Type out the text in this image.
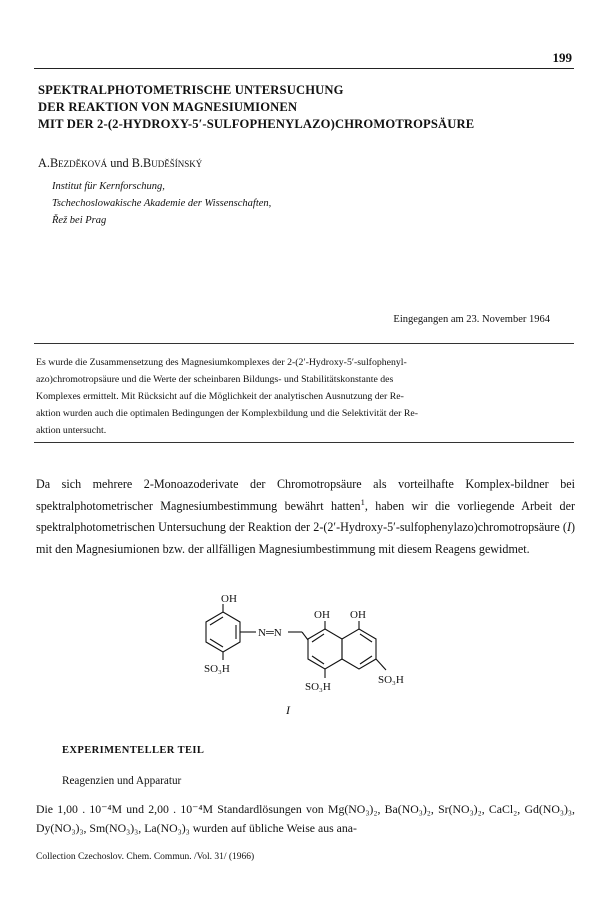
199
SPEKTRALPHOTOMETRISCHE UNTERSUCHUNG
DER REAKTION VON MAGNESIUMIONEN
MIT DER 2-(2-HYDROXY-5′-SULFOPHENYLAZO)CHROMOTROPSÄURE
A.Bezděková und B.Buděšínský
Institut für Kernforschung,
Tschechoslowakische Akademie der Wissenschaften,
Řež bei Prag
Eingegangen am 23. November 1964
Es wurde die Zusammensetzung des Magnesiumkomplexes der 2-(2′-Hydroxy-5′-sulfophenyl-
azo)chromotropsäure und die Werte der scheinbaren Bildungs- und Stabilitätskonstante des
Komplexes ermittelt. Mit Rücksicht auf die Möglichkeit der analytischen Ausnutzung der Re-
aktion wurden auch die optimalen Bedingungen der Komplexbildung und die Selektivität der Re-
aktion untersucht.
Da sich mehrere 2-Monoazoderivate der Chromotropsäure als vorteilhafte Komplex-bildner bei spektralphotometrischer Magnesiumbestimmung bewährt hatten$^1$, haben wir die vorliegende Arbeit der spektralphotometrischen Untersuchung der Reaktion der 2-(2′-Hydroxy-5′-sulfophenylazo)chromotropsäure (I) mit den Magnesiumionen bzw. der allfälligen Magnesiumbestimmung mit diesem Reagens gewidmet.
OH
N═N
OH OH
SO₃H
SO₃H
SO₃H
I
EXPERIMENTELLER TEIL
Reagenzien und Apparatur
Die 1,00 . 10⁻⁴M und 2,00 . 10⁻⁴M Standardlösungen von Mg(NO₃)₂, Ba(NO₃)₂, Sr(NO₃)₂, CaCl₂, Gd(NO₃)₃, Dy(NO₃)₃, Sm(NO₃)₃, La(NO₃)₃ wurden auf übliche Weise aus ana-
Collection Czechoslov. Chem. Commun. /Vol. 31/ (1966)
